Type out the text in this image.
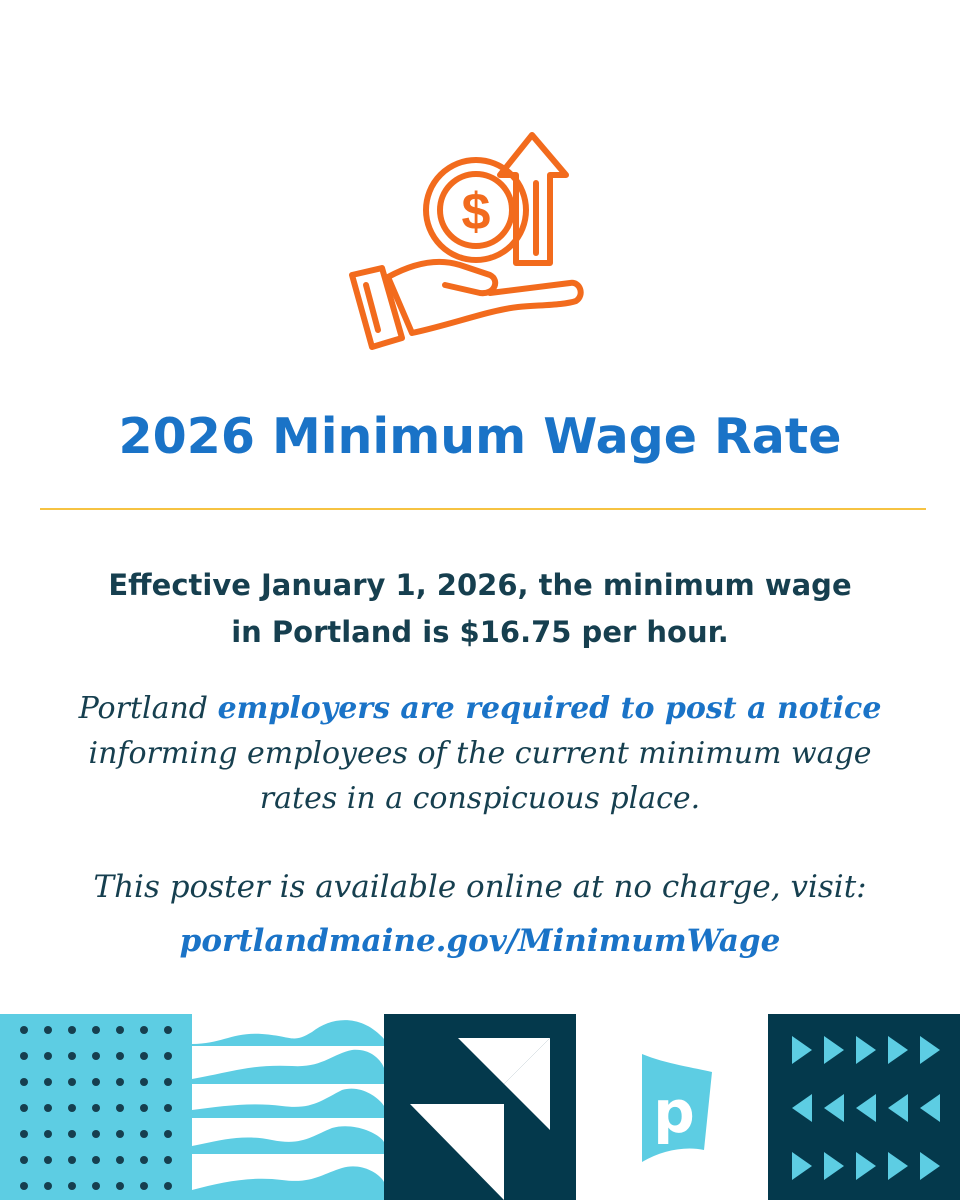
$
2026 Minimum Wage Rate

Effective January 1, 2026, the minimum wage
in Portland is $16.75 per hour.

Portland employers are required to post a notice
informing employees of the current minimum wage
rates in a conspicuous place.

This poster is available online at no charge, visit:
portlandmaine.gov/MinimumWage

p
